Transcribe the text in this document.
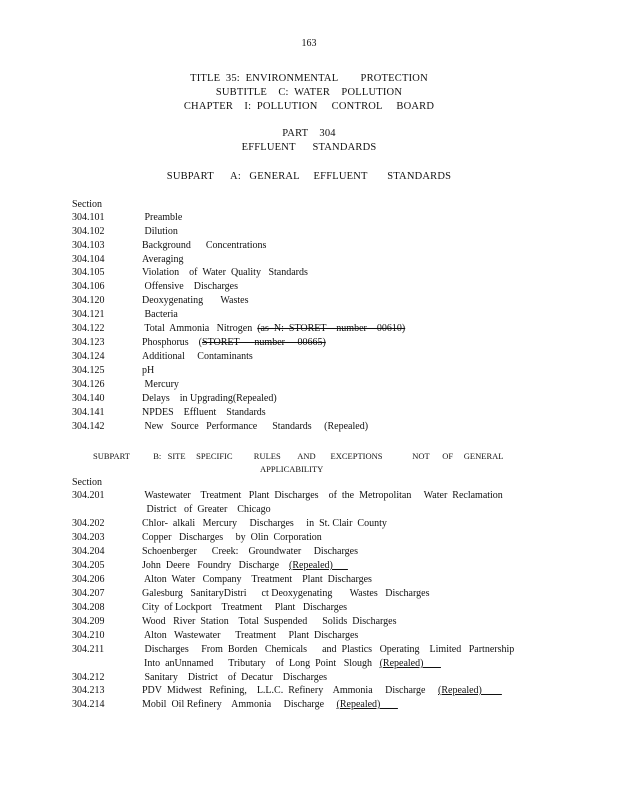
163
TITLE  35:  ENVIRONMENTAL        PROTECTION
SUBTITLE    C:  WATER    POLLUTION
CHAPTER    I:  POLLUTION     CONTROL     BOARD
PART    304
EFFLUENT      STANDARDS
SUBPART      A:   GENERAL     EFFLUENT       STANDARDS
Section
304.101	Preamble
304.102	Dilution
304.103	Background      Concentrations
304.104	Averaging
304.105	Violation    of  Water  Quality   Standards
304.106	Offensive    Discharges
304.120	Deoxygenating       Wastes
304.121	Bacteria
304.122	Total  Ammonia   Nitrogen  (as  N:  STORET    number    00610)
304.123	Phosphorus    (STORET      number     00665)
304.124	Additional     Contaminants
304.125	pH
304.126	Mercury
304.140	Delays    in Upgrading(Repealed)
304.141	NPDES    Effluent    Standards
304.142	New   Source   Performance      Standards     (Repealed)
SUBPART           B:   SITE     SPECIFIC          RULES        AND       EXCEPTIONS              NOT      OF     GENERAL
APPLICABILITY
Section
304.201	Wastewater    Treatment   Plant  Discharges    of  the  Metropolitan     Water  Reclamation
District   of  Greater    Chicago
304.202	Chlor-  alkali   Mercury     Discharges     in  St. Clair  County
304.203	Copper   Discharges     by  Olin  Corporation
304.204	Schoenberger      Creek:    Groundwater     Discharges
304.205	John  Deere   Foundry   Discharge    (Repealed)
304.206	Alton  Water   Company    Treatment    Plant  Discharges
304.207	Galesburg   SanitaryDistri      ct Deoxygenating       Wastes   Discharges
304.208	City  of Lockport    Treatment     Plant   Discharges
304.209	Wood   River  Station    Total  Suspended      Solids  Discharges
304.210	Alton   Wastewater      Treatment     Plant  Discharges
304.211	Discharges     From  Borden   Chemicals      and  Plastics   Operating    Limited   Partnership
Into  anUnnamed      Tributary    of  Long  Point   Slough   (Repealed)
304.212	Sanitary    District    of  Decatur    Discharges
304.213	PDV  Midwest   Refining,    L.L.C.  Refinery    Ammonia     Discharge     (Repealed)
304.214	Mobil  Oil Refinery    Ammonia     Discharge     (Repealed)
